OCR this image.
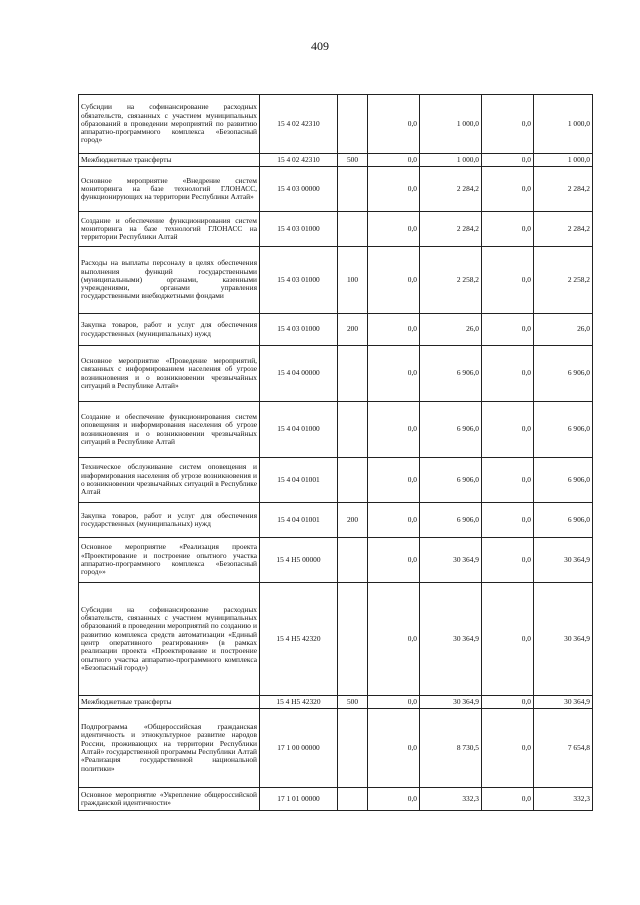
409
Субсидии на софинансирование расходных обязательств, связанных с участием муниципальных образований в проведении мероприятий по развитию аппаратно-программного комплекса «Безопасный город»	15 4 02 42310		0,0	1 000,0	0,0	1 000,0
Межбюджетные трансферты	15 4 02 42310	500	0,0	1 000,0	0,0	1 000,0
Основное мероприятие «Внедрение систем мониторинга на базе технологий ГЛОНАСС, функционирующих на территории Республики Алтай»	15 4 03 00000		0,0	2 284,2	0,0	2 284,2
Создание и обеспечение функционирования систем мониторинга на базе технологий ГЛОНАСС на территории Республики Алтай	15 4 03 01000		0,0	2 284,2	0,0	2 284,2
Расходы на выплаты персоналу в целях обеспечения выполнения функций государственными (муниципальными) органами, казенными учреждениями, органами управления государственными внебюджетными фондами	15 4 03 01000	100	0,0	2 258,2	0,0	2 258,2
Закупка товаров, работ и услуг для обеспечения государственных (муниципальных) нужд	15 4 03 01000	200	0,0	26,0	0,0	26,0
Основное мероприятие «Проведение мероприятий, связанных с информированием населения об угрозе возникновения и о возникновении чрезвычайных ситуаций в Республике Алтай»	15 4 04 00000		0,0	6 906,0	0,0	6 906,0
Создание и обеспечение функционирования систем оповещения и информирования населения об угрозе возникновения и о возникновении чрезвычайных ситуаций в Республике Алтай	15 4 04 01000		0,0	6 906,0	0,0	6 906,0
Техническое обслуживание систем оповещения и информирования населения об угрозе возникновения и о возникновении чрезвычайных ситуаций в Республике Алтай	15 4 04 01001		0,0	6 906,0	0,0	6 906,0
Закупка товаров, работ и услуг для обеспечения государственных (муниципальных) нужд	15 4 04 01001	200	0,0	6 906,0	0,0	6 906,0
Основное мероприятие «Реализация проекта «Проектирование и построение опытного участка аппаратно-программного комплекса «Безопасный город»»	15 4 H5 00000		0,0	30 364,9	0,0	30 364,9
Субсидии на софинансирование расходных обязательств, связанных с участием муниципальных образований в проведении мероприятий по созданию и развитию комплекса средств автоматизации «Единый центр оперативного реагирования» (в рамках реализации проекта «Проектирование и построение опытного участка аппаратно-программного комплекса «Безопасный город»)	15 4 H5 42320		0,0	30 364,9	0,0	30 364,9
Межбюджетные трансферты	15 4 H5 42320	500	0,0	30 364,9	0,0	30 364,9
Подпрограмма «Общероссийская гражданская идентичность и этнокультурное развитие народов России, проживающих на территории Республики Алтай» государственной программы Республики Алтай «Реализация государственной национальной политики»	17 1 00 00000		0,0	8 730,5	0,0	7 654,8
Основное мероприятие «Укрепление общероссийской гражданской идентичности»	17 1 01 00000		0,0	332,3	0,0	332,3
